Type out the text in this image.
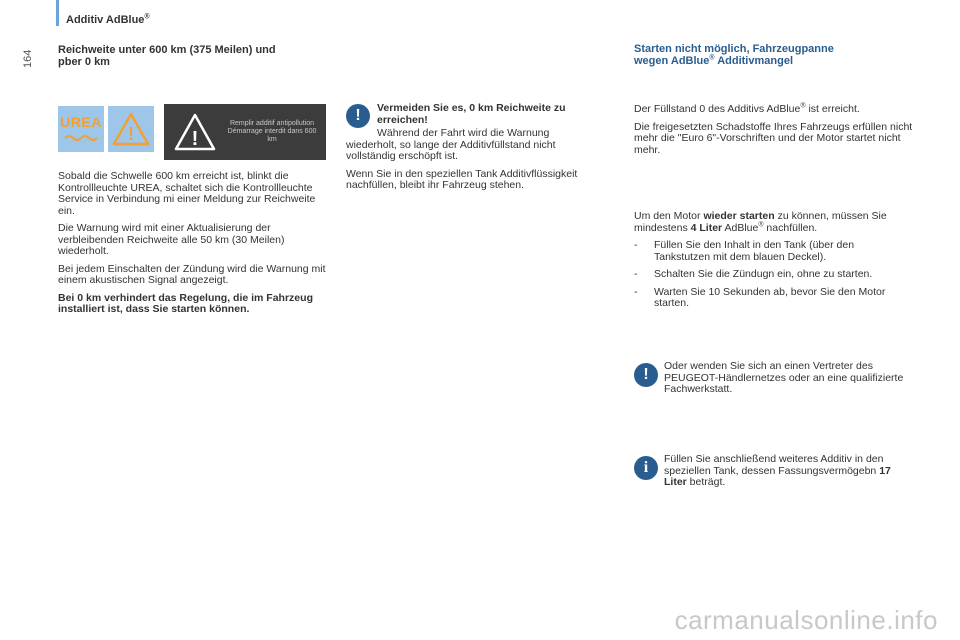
Additiv AdBlue®
164 Reichweite unter 600 km (375 Meilen) und pber 0 km
UREA
!	!
Remplir additif antipollution Démarrage interdit dans 600 km

Sobald die Schwelle 600 km erreicht ist, blinkt die Kontrollleuchte UREA, schaltet sich die Kontrollleuchte Service in Verbindung mi einer Meldung zur Reichweite ein.

Die Warnung wird mit einer Aktualisierung der verbleibenden Reichweite alle 50 km (30 Meilen) wiederholt.

Bei jedem Einschalten der Zündung wird die Warnung mit einem akustischen Signal angezeigt.

Bei 0 km verhindert das Regelung, die im Fahrzeug installiert ist, dass Sie starten können.

!	Vermeiden Sie es, 0 km Reichweite zu erreichen!

Während der Fahrt wird die Warnung wiederholt, so lange der Additivfüllstand nicht vollständig erschöpft ist.

Wenn Sie in den speziellen Tank Additivflüssigkeit nachfüllen, bleibt ihr Fahrzeug stehen.

Starten nicht möglich, Fahrzeugpanne
wegen AdBlue® Additivmangel

Der Füllstand 0 des Additivs AdBlue® ist erreicht.

Die freigesetzten Schadstoffe Ihres Fahrzeugs erfüllen nicht mehr die "Euro 6"-Vorschriften und der Motor startet nicht mehr.

Um den Motor wieder starten zu können, müssen Sie mindestens 4 Liter AdBlue® nachfüllen.

-	Füllen Sie den Inhalt in den Tank (über den Tankstutzen mit dem blauen Deckel).
-	Schalten Sie die Zündugn ein, ohne zu starten.
-	Warten Sie 10 Sekunden ab, bevor Sie den Motor starten.
!	Oder wenden Sie sich an einen Vertreter des PEUGEOT-Händlernetzes oder an eine qualifizierte Fachwerkstatt.

i	Füllen Sie anschließend weiteres Additiv in den speziellen Tank, dessen Fassungsvermögebn 17 Liter beträgt.

carmanualsonline.info
